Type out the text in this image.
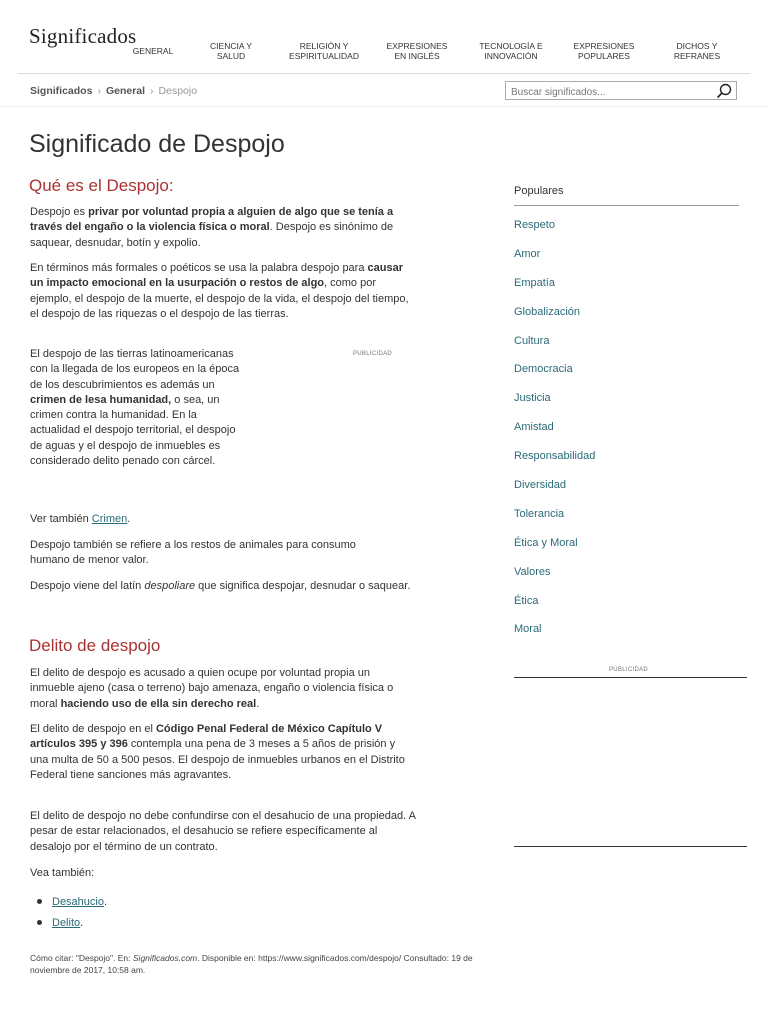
Significados
GENERAL	CIENCIA Y SALUD
RELIGIÓN Y ESPIRITUALIDAD
EXPRESIONES EN INGLÉS
TECNOLOGÍA E INNOVACIÓN
EXPRESIONES POPULARES
DICHOS Y REFRANES
Significados › General › Despojo
Buscar significados...
Significado de Despojo
Qué es el Despojo:

Despojo es privar por voluntad propia a alguien de algo que se tenía a través del engaño o la violencia física o moral. Despojo es sinónimo de saquear, desnudar, botín y expolio.

En términos más formales o poéticos se usa la palabra despojo para causar un impacto emocional en la usurpación o restos de algo, como por ejemplo, el despojo de la muerte, el despojo de la vida, el despojo del tiempo, el despojo de las riquezas o el despojo de las tierras.

El despojo de las tierras latinoamericanas con la llegada de los europeos en la época de los descubrimientos es además un crimen de lesa humanidad, o sea, un crimen contra la humanidad. En la actualidad el despojo territorial, el despojo de aguas y el despojo de inmuebles es considerado delito penado con cárcel.

PUBLICIDAD

Ver también Crimen.

Despojo también se refiere a los restos de animales para consumo humano de menor valor.

Despojo viene del latín despoliare que significa despojar, desnudar o saquear.

Delito de despojo

El delito de despojo es acusado a quien ocupe por voluntad propia un inmueble ajeno (casa o terreno) bajo amenaza, engaño o violencia física o moral haciendo uso de ella sin derecho real.

El delito de despojo en el Código Penal Federal de México Capítulo V artículos 395 y 396 contempla una pena de 3 meses a 5 años de prisión y una multa de 50 a 500 pesos. El despojo de inmuebles urbanos en el Distrito Federal tiene sanciones más agravantes.

El delito de despojo no debe confundirse con el desahucio de una propiedad. A pesar de estar relacionados, el desahucio se refiere específicamente al desalojo por el término de un contrato.

Vea también:

Desahucio .
Delito .
Cómo citar: "Despojo". En: Significados.com. Disponible en: https://www.significados.com/despojo/ Consultado: 19 de noviembre de 2017, 10:58 am.
Populares
Respeto
Amor
Empatía
Globalización
Cultura
Democracia
Justicia
Amistad
Responsabilidad
Diversidad
Tolerancia
Ética y Moral
Valores
Ética
Moral
PUBLICIDAD
